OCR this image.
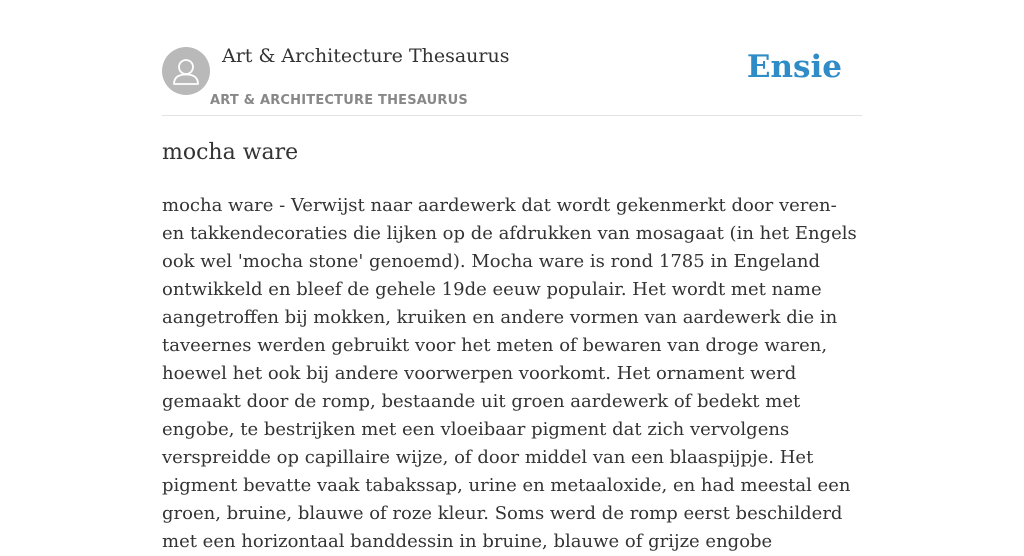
Art & Architecture Thesaurus
ART & ARCHITECTURE THESAURUS
Ensie
mocha ware

mocha ware - Verwijst naar aardewerk dat wordt gekenmerkt door veren- en takkendecoraties die lijken op de afdrukken van mosagaat (in het Engels ook wel 'mocha stone' genoemd). Mocha ware is rond 1785 in Engeland ontwikkeld en bleef de gehele 19de eeuw populair. Het wordt met name aangetroffen bij mokken, kruiken en andere vormen van aardewerk die in taveernes werden gebruikt voor het meten of bewaren van droge waren, hoewel het ook bij andere voorwerpen voorkomt. Het ornament werd gemaakt door de romp, bestaande uit groen aardewerk of bedekt met engobe, te bestrijken met een vloeibaar pigment dat zich vervolgens verspreidde op capillaire wijze, of door middel van een blaaspijpje. Het pigment bevatte vaak tabakssap, urine en metaaloxide, en had meestal een groen, bruine, blauwe of roze kleur. Soms werd de romp eerst beschilderd met een horizontaal banddessin in bruine, blauwe of grijze engobe
